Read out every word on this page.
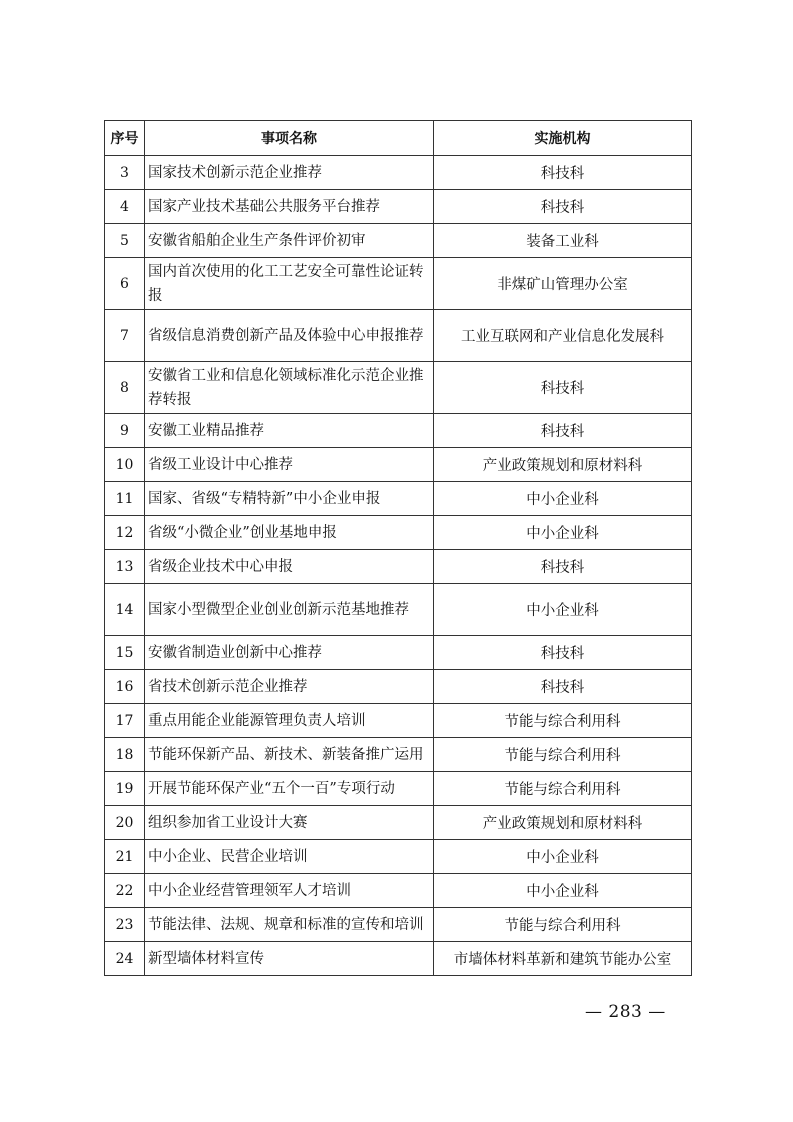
序号	事项名称	实施机构
3	国家技术创新示范企业推荐	科技科
4	国家产业技术基础公共服务平台推荐	科技科
5	安徽省船舶企业生产条件评价初审	装备工业科
6	国内首次使用的化工工艺安全可靠性论证转报	非煤矿山管理办公室
7	省级信息消费创新产品及体验中心申报推荐	工业互联网和产业信息化发展科
8	安徽省工业和信息化领域标准化示范企业推荐转报	科技科
9	安徽工业精品推荐	科技科
10	省级工业设计中心推荐	产业政策规划和原材料科
11	国家、省级“专精特新”中小企业申报	中小企业科
12	省级“小微企业”创业基地申报	中小企业科
13	省级企业技术中心申报	科技科
14	国家小型微型企业创业创新示范基地推荐	中小企业科
15	安徽省制造业创新中心推荐	科技科
16	省技术创新示范企业推荐	科技科
17	重点用能企业能源管理负责人培训	节能与综合利用科
18	节能环保新产品、新技术、新装备推广运用	节能与综合利用科
19	开展节能环保产业“五个一百”专项行动	节能与综合利用科
20	组织参加省工业设计大赛	产业政策规划和原材料科
21	中小企业、民营企业培训	中小企业科
22	中小企业经营管理领军人才培训	中小企业科
23	节能法律、法规、规章和标准的宣传和培训	节能与综合利用科
24	新型墙体材料宣传	市墙体材料革新和建筑节能办公室
— 283 —
